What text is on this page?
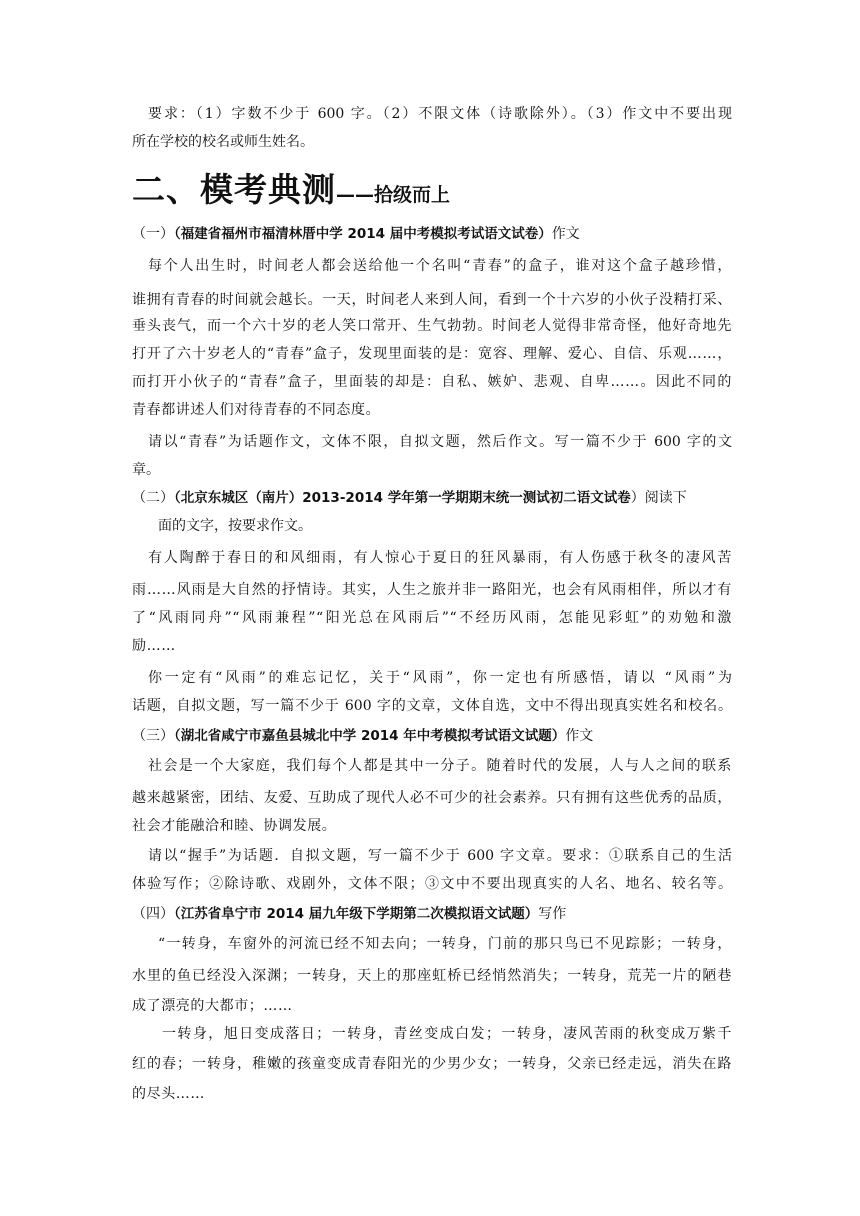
要求：（1）字数不少于 600 字。（2）不限文体（诗歌除外）。（3）作文中不要出现
所在学校的校名或师生姓名。
二、模考典测——拾级而上
（一）（福建省福州市福清林厝中学 2014 届中考模拟考试语文试卷）作文
每个人出生时，时间老人都会送给他一个名叫“青春”的盒子，谁对这个盒子越珍惜，
谁拥有青春的时间就会越长。一天，时间老人来到人间，看到一个十六岁的小伙子没精打采、
垂头丧气，而一个六十岁的老人笑口常开、生气勃勃。时间老人觉得非常奇怪，他好奇地先
打开了六十岁老人的“青春”盒子，发现里面装的是：宽容、理解、爱心、自信、乐观……，
而打开小伙子的“青春”盒子，里面装的却是：自私、嫉妒、悲观、自卑……。因此不同的
青春都讲述人们对待青春的不同态度。
请以“青春”为话题作文，文体不限，自拟文题，然后作文。写一篇不少于 600 字的文
章。
（二）（北京东城区（南片）2013-2014 学年第一学期期末统一测试初二语文试卷）阅读下
面的文字，按要求作文。
有人陶醉于春日的和风细雨，有人惊心于夏日的狂风暴雨，有人伤感于秋冬的凄风苦
雨……风雨是大自然的抒情诗。其实，人生之旅并非一路阳光，也会有风雨相伴，所以才有
了“风雨同舟”“风雨兼程”“阳光总在风雨后”“不经历风雨，怎能见彩虹”的劝勉和激
励……
你一定有“风雨”的难忘记忆，关于“风雨”，你一定也有所感悟，请以 “风雨”为
话题，自拟文题，写一篇不少于 600 字的文章，文体自选，文中不得出现真实姓名和校名。
（三）（湖北省咸宁市嘉鱼县城北中学 2014 年中考模拟考试语文试题）作文
社会是一个大家庭，我们每个人都是其中一分子。随着时代的发展，人与人之间的联系
越来越紧密，团结、友爱、互助成了现代人必不可少的社会素养。只有拥有这些优秀的品质，
社会才能融洽和睦、协调发展。
请以“握手”为话题．自拟文题，写一篇不少于 600 字文章。要求：①联系自己的生活
体验写作；②除诗歌、戏剧外，文体不限；③文中不要出现真实的人名、地名、较名等。
（四）（江苏省阜宁市 2014 届九年级下学期第二次模拟语文试题）写作
“一转身，车窗外的河流已经不知去向；一转身，门前的那只鸟已不见踪影；一转身，
水里的鱼已经没入深渊；一转身，天上的那座虹桥已经悄然消失；一转身，荒芜一片的陋巷
成了漂亮的大都市；……
一转身，旭日变成落日；一转身，青丝变成白发；一转身，凄风苦雨的秋变成万紫千
红的春；一转身，稚嫩的孩童变成青春阳光的少男少女；一转身，父亲已经走远，消失在路
的尽头……
